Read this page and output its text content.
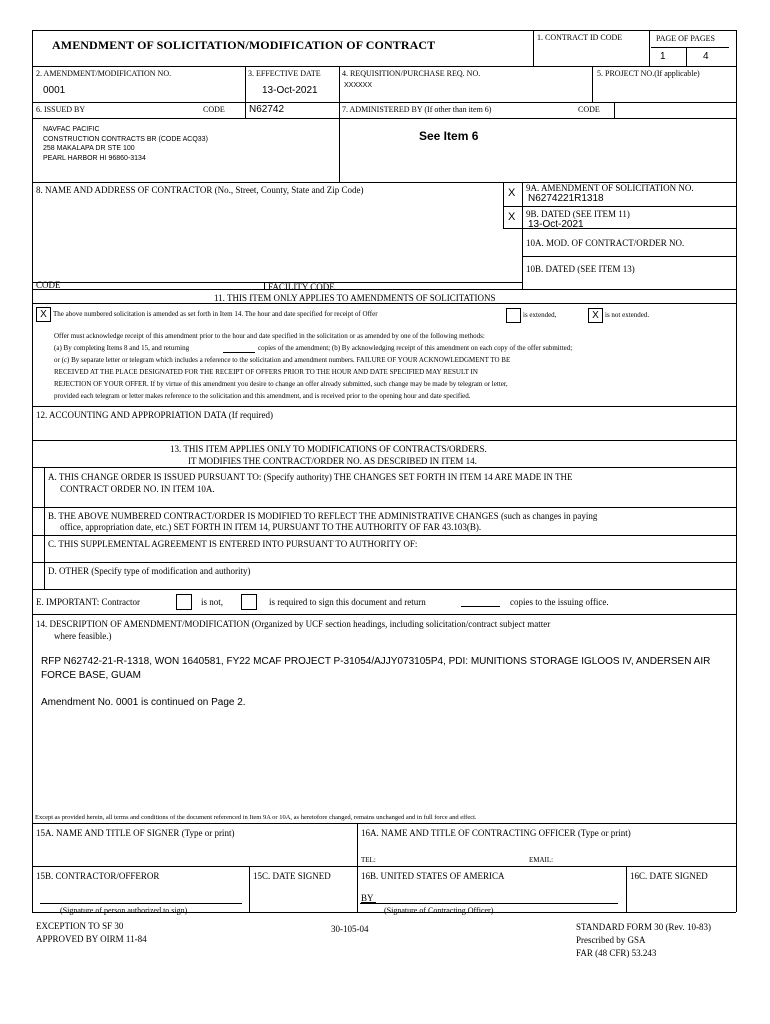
AMENDMENT OF SOLICITATION/MODIFICATION OF CONTRACT
1. CONTRACT ID CODE	PAGE OF PAGES
1	4
2. AMENDMENT/MODIFICATION NO.
0001
3. EFFECTIVE DATE
13-Oct-2021
4. REQUISITION/PURCHASE REQ. NO.
XXXXXX
5. PROJECT NO.(If applicable)
6. ISSUED BY	CODE N62742	7. ADMINISTERED BY (If other than item 6)	CODE
NAVFAC PACIFIC
CONSTRUCTION CONTRACTS BR (CODE ACQ33)
258 MAKALAPA DR STE 100
PEARL HARBOR HI 96860-3134
See Item 6
8. NAME AND ADDRESS OF CONTRACTOR (No., Street, County, State and Zip Code)	X 9A. AMENDMENT OF SOLICITATION NO.
N6274221R1318
X 9B. DATED (SEE ITEM 11)
13-Oct-2021
10A. MOD. OF CONTRACT/ORDER NO.
10B. DATED (SEE ITEM 13)
CODE	FACILITY CODE
11. THIS ITEM ONLY APPLIES TO AMENDMENTS OF SOLICITATIONS
X The above numbered solicitation is amended as set forth in Item 14. The hour and date specified for receipt of Offer	is extended,	X is not extended.
Offer must acknowledge receipt of this amendment prior to the hour and date specified in the solicitation or as amended by one of the following methods:
(a) By completing Items 8 and 15, and returning	copies of the amendment; (b) By acknowledging receipt of this amendment on each copy of the offer submitted;
or (c) By separate letter or telegram which includes a reference to the solicitation and amendment numbers. FAILURE OF YOUR ACKNOWLEDGMENT TO BE
RECEIVED AT THE PLACE DESIGNATED FOR THE RECEIPT OF OFFERS PRIOR TO THE HOUR AND DATE SPECIFIED MAY RESULT IN
REJECTION OF YOUR OFFER. If by virtue of this amendment you desire to change an offer already submitted, such change may be made by telegram or letter,
provided each telegram or letter makes reference to the solicitation and this amendment, and is received prior to the opening hour and date specified.
12. ACCOUNTING AND APPROPRIATION DATA (If required)
13. THIS ITEM APPLIES ONLY TO MODIFICATIONS OF CONTRACTS/ORDERS.
IT MODIFIES THE CONTRACT/ORDER NO. AS DESCRIBED IN ITEM 14.
A. THIS CHANGE ORDER IS ISSUED PURSUANT TO: (Specify authority) THE CHANGES SET FORTH IN ITEM 14 ARE MADE IN THE
CONTRACT ORDER NO. IN ITEM 10A.
B. THE ABOVE NUMBERED CONTRACT/ORDER IS MODIFIED TO REFLECT THE ADMINISTRATIVE CHANGES (such as changes in paying
office, appropriation date, etc.) SET FORTH IN ITEM 14, PURSUANT TO THE AUTHORITY OF FAR 43.103(B).
C. THIS SUPPLEMENTAL AGREEMENT IS ENTERED INTO PURSUANT TO AUTHORITY OF:
D. OTHER (Specify type of modification and authority)
E. IMPORTANT: Contractor	is not,	is required to sign this document and return	copies to the issuing office.
14. DESCRIPTION OF AMENDMENT/MODIFICATION (Organized by UCF section headings, including solicitation/contract subject matter
where feasible.)
RFP N62742-21-R-1318, WON 1640581, FY22 MCAF PROJECT P-31054/AJJY073105P4, PDI: MUNITIONS STORAGE IGLOOS IV, ANDERSEN AIR
FORCE BASE, GUAM
Amendment No. 0001 is continued on Page 2.
Except as provided herein, all terms and conditions of the document referenced in Item 9A or 10A, as heretofore changed, remains unchanged and in full force and effect.
15A. NAME AND TITLE OF SIGNER (Type or print)	16A. NAME AND TITLE OF CONTRACTING OFFICER (Type or print)
TEL:	EMAIL:
15B. CONTRACTOR/OFFEROR	15C. DATE SIGNED	16B. UNITED STATES OF AMERICA	16C. DATE SIGNED
BY
(Signature of person authorized to sign)	(Signature of Contracting Officer)
EXCEPTION TO SF 30
APPROVED BY OIRM 11-84
30-105-04	STANDARD FORM 30 (Rev. 10-83)
Prescribed by GSA
FAR (48 CFR) 53.243
